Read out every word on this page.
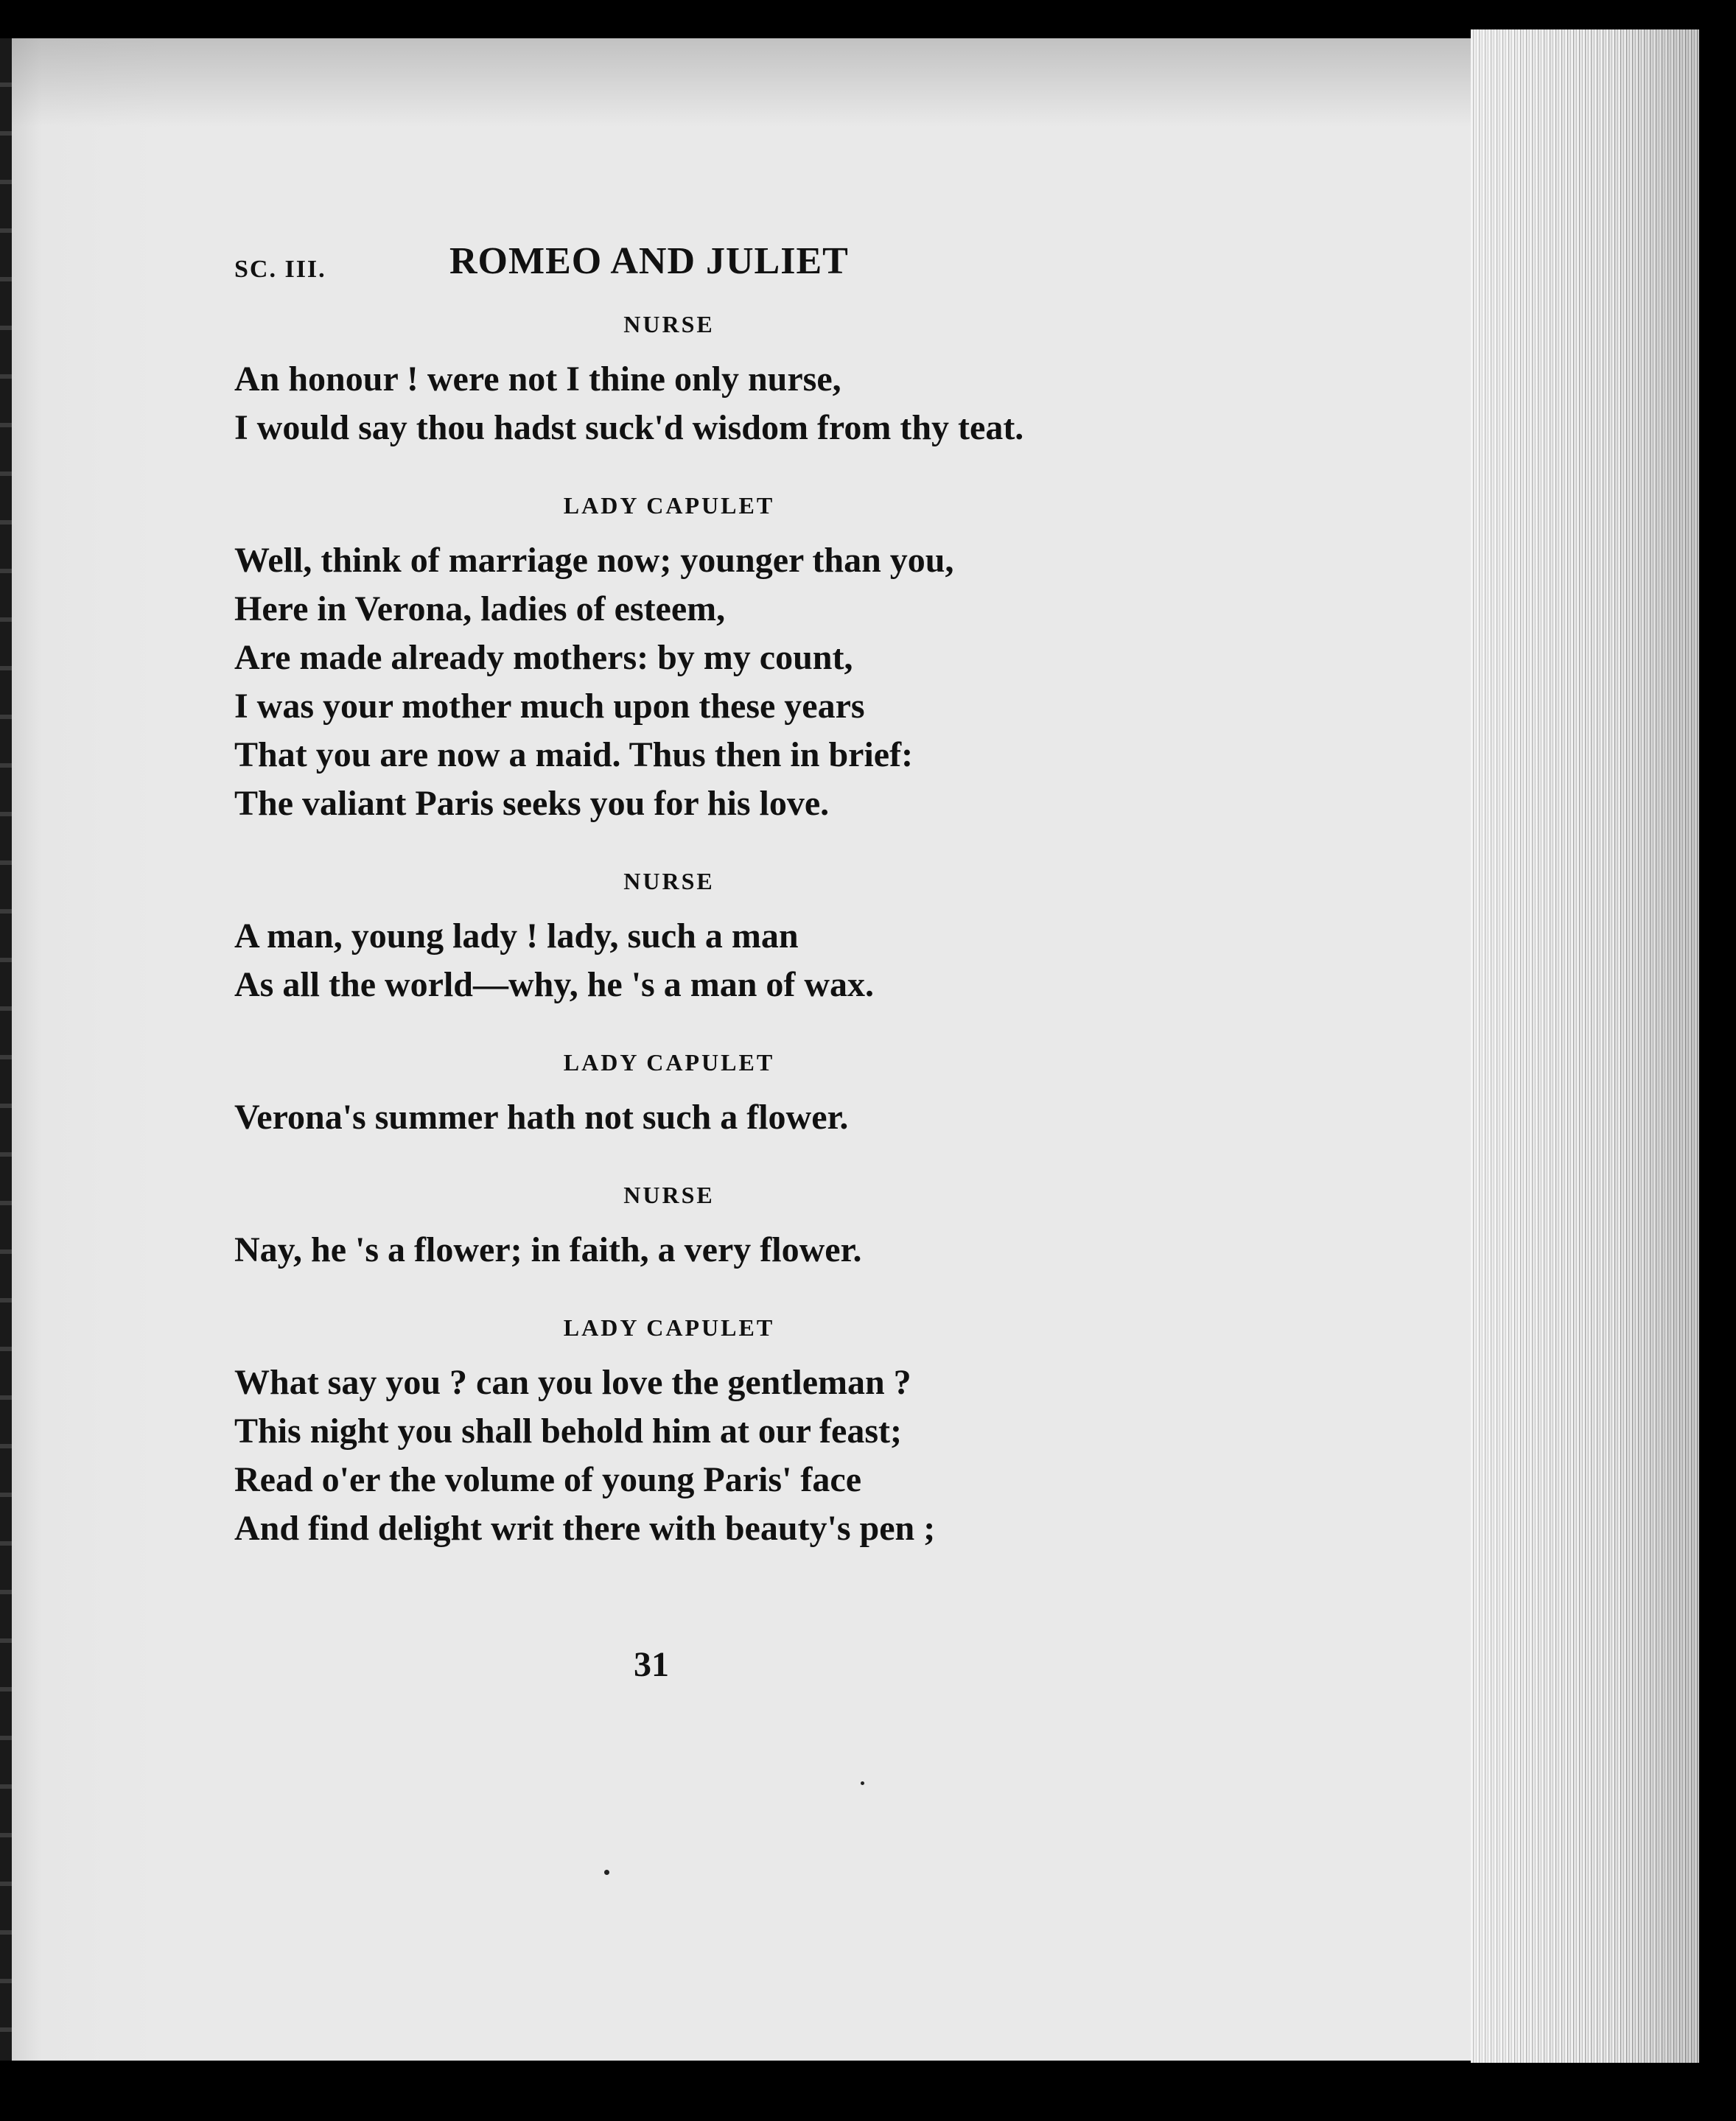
SC. III.	ROMEO AND JULIET
NURSE
An honour ! were not I thine only nurse,
I would say thou hadst suck'd wisdom from thy teat.
LADY CAPULET
Well, think of marriage now; younger than you,
Here in Verona, ladies of esteem,
Are made already mothers: by my count,
I was your mother much upon these years
That you are now a maid. Thus then in brief:
The valiant Paris seeks you for his love.
NURSE
A man, young lady ! lady, such a man
As all the world—why, he 's a man of wax.
LADY CAPULET
Verona's summer hath not such a flower.
NURSE
Nay, he 's a flower; in faith, a very flower.
LADY CAPULET
What say you ? can you love the gentleman ?
This night you shall behold him at our feast;
Read o'er the volume of young Paris' face
And find delight writ there with beauty's pen ;
31
